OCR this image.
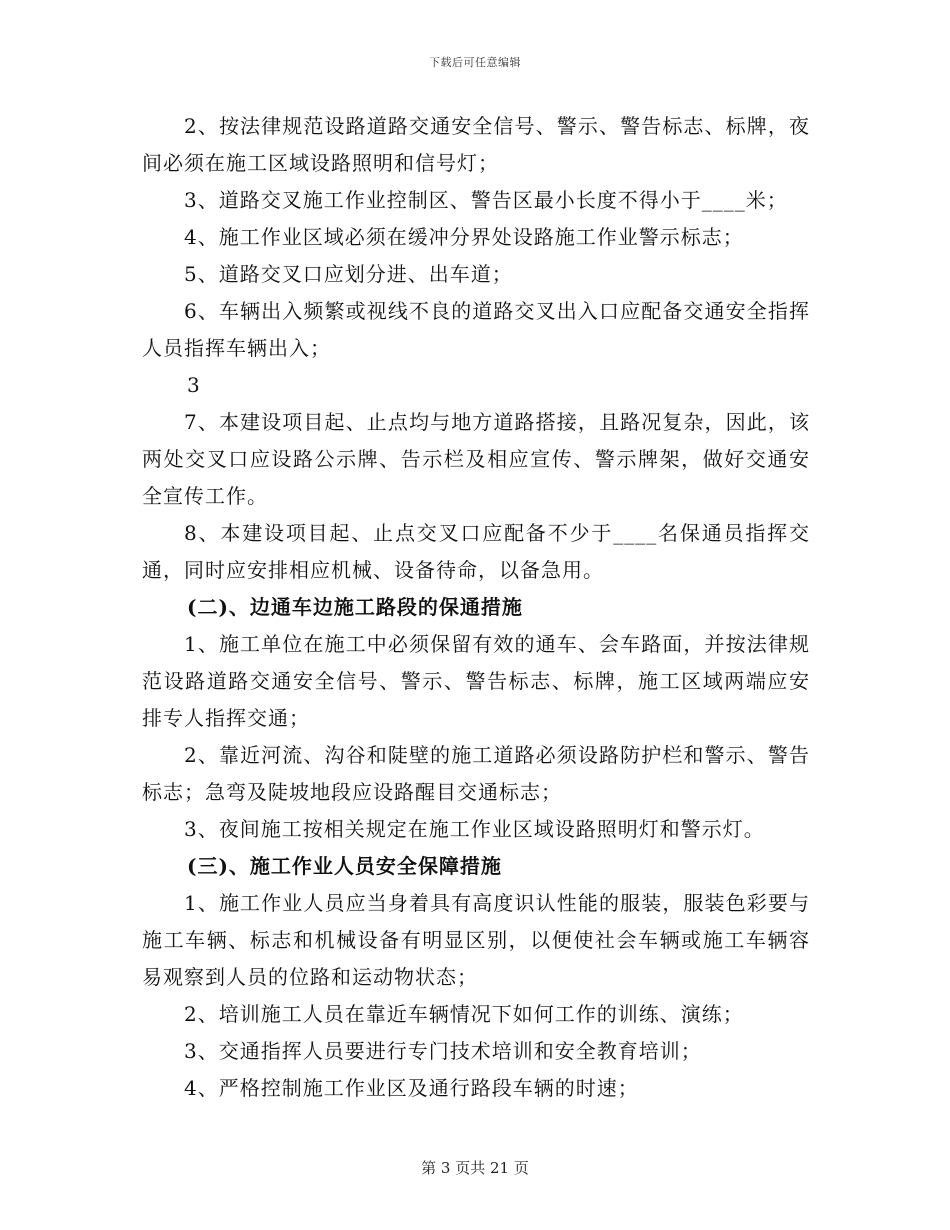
下载后可任意编辑

2、按法律规范设路道路交通安全信号、警示、警告标志、标牌，夜间必须在施工区域设路照明和信号灯；

3、道路交叉施工作业控制区、警告区最小长度不得小于____米；

4、施工作业区域必须在缓冲分界处设路施工作业警示标志；

5、道路交叉口应划分进、出车道；

6、车辆出入频繁或视线不良的道路交叉出入口应配备交通安全指挥人员指挥车辆出入；

3

7、本建设项目起、止点均与地方道路搭接，且路况复杂，因此，该两处交叉口应设路公示牌、告示栏及相应宣传、警示牌架，做好交通安全宣传工作。

8、本建设项目起、止点交叉口应配备不少于____名保通员指挥交通，同时应安排相应机械、设备待命，以备急用。

(二)、边通车边施工路段的保通措施

1、施工单位在施工中必须保留有效的通车、会车路面，并按法律规范设路道路交通安全信号、警示、警告标志、标牌，施工区域两端应安排专人指挥交通；

2、靠近河流、沟谷和陡壁的施工道路必须设路防护栏和警示、警告标志；急弯及陡坡地段应设路醒目交通标志；

3、夜间施工按相关规定在施工作业区域设路照明灯和警示灯。

(三)、施工作业人员安全保障措施

1、施工作业人员应当身着具有高度识认性能的服装，服装色彩要与施工车辆、标志和机械设备有明显区别，以便使社会车辆或施工车辆容易观察到人员的位路和运动物状态；

2、培训施工人员在靠近车辆情况下如何工作的训练、演练；

3、交通指挥人员要进行专门技术培训和安全教育培训；

4、严格控制施工作业区及通行路段车辆的时速；

第 3 页共 21 页
